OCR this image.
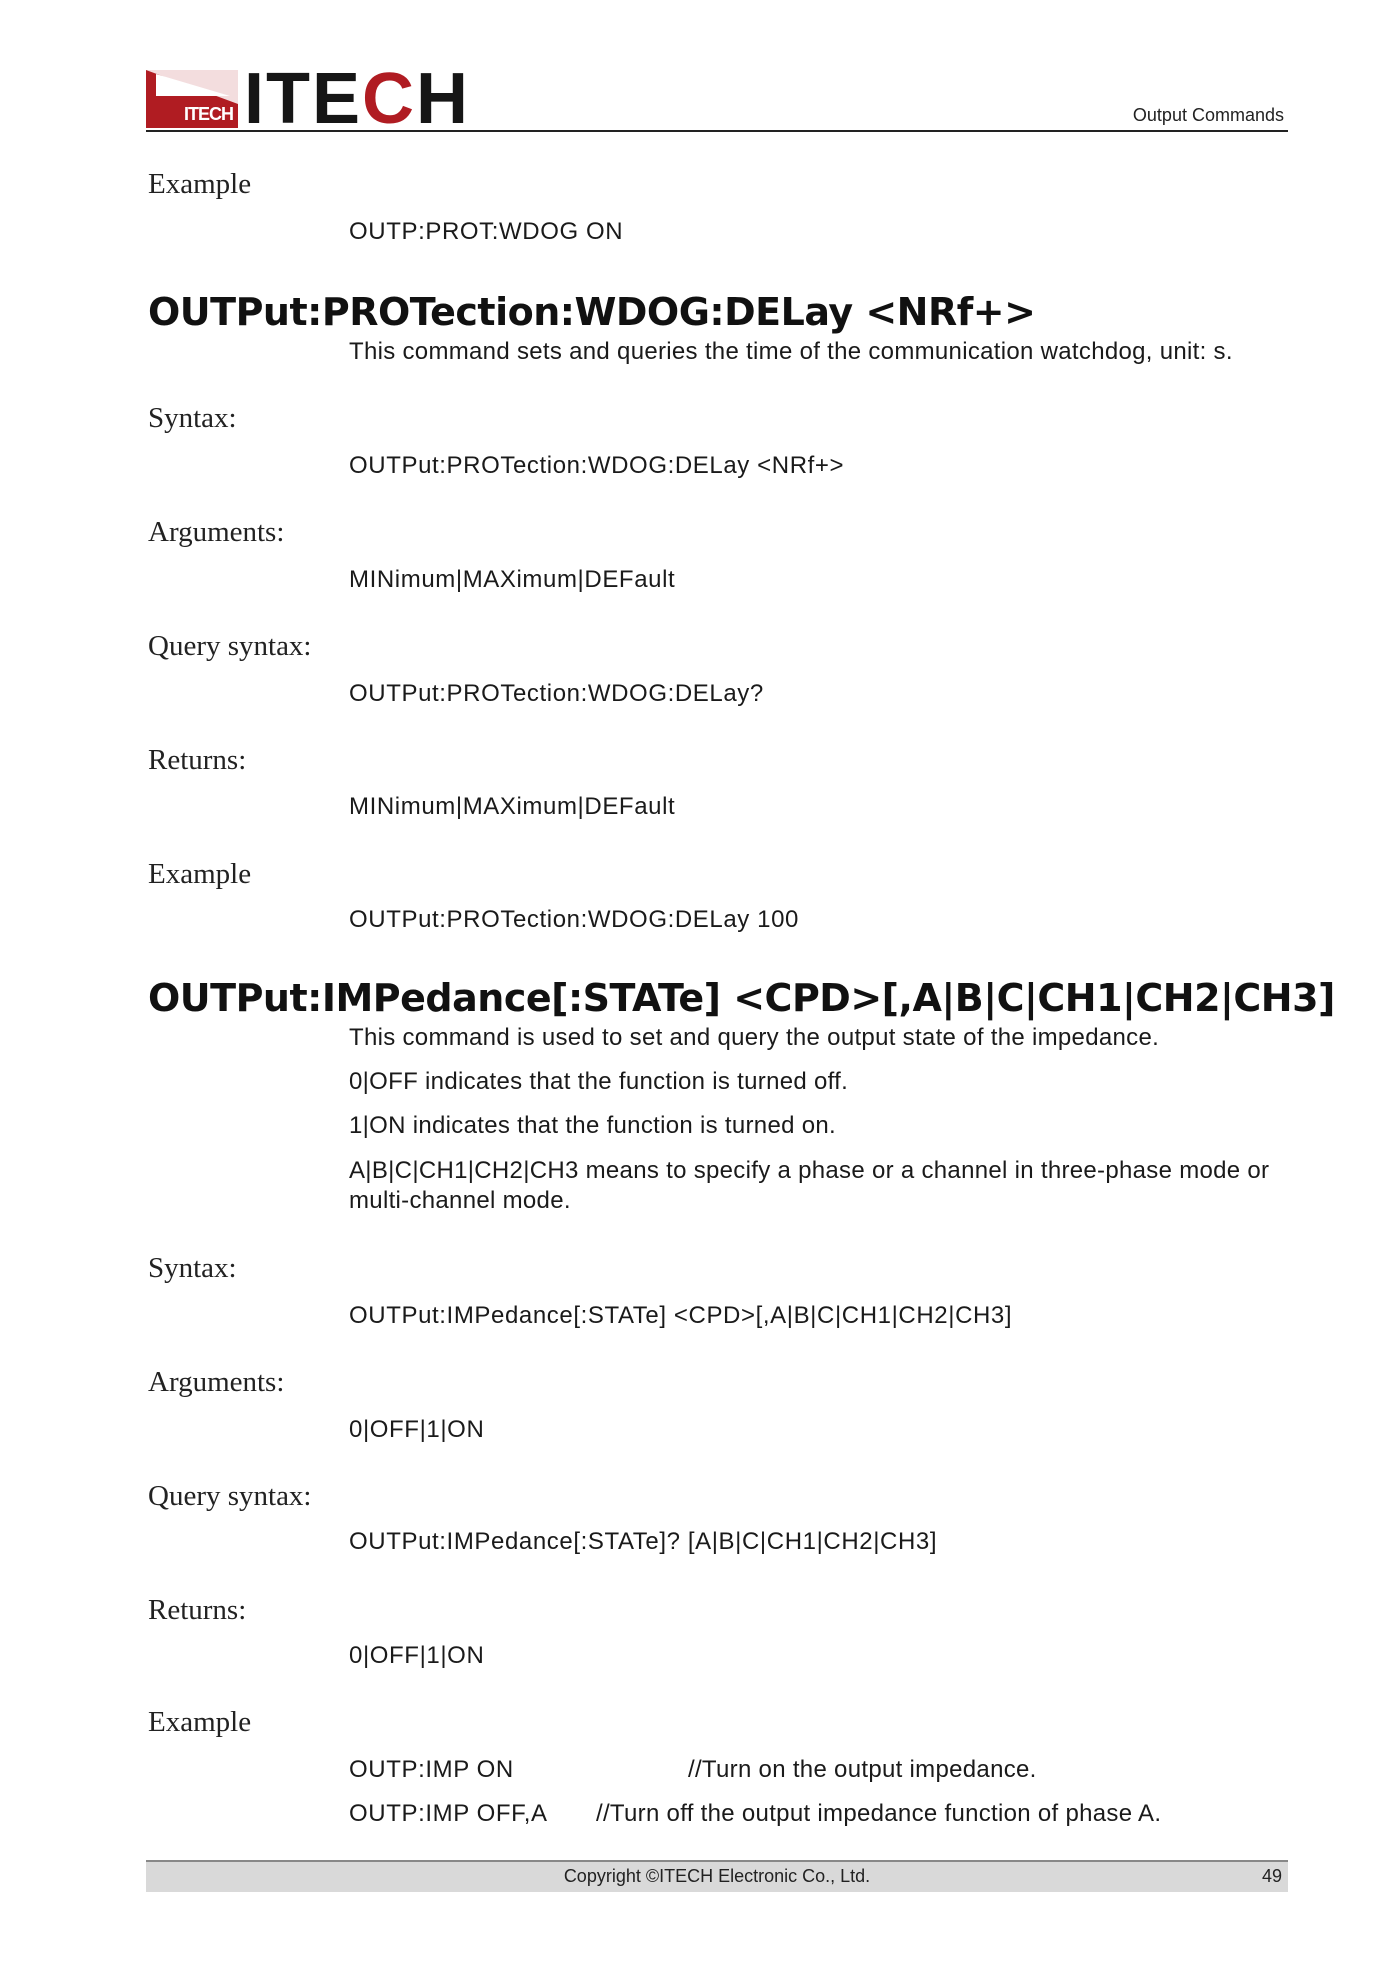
ITECH ITECH	Output Commands
Example
OUTP:PROT:WDOG ON
OUTPut:PROTection:WDOG:DELay <NRf+>
This command sets and queries the time of the communication watchdog, unit: s.
Syntax:
OUTPut:PROTection:WDOG:DELay <NRf+>
Arguments:
MINimum|MAXimum|DEFault
Query syntax:
OUTPut:PROTection:WDOG:DELay?
Returns:
MINimum|MAXimum|DEFault
Example
OUTPut:PROTection:WDOG:DELay 100
OUTPut:IMPedance[:STATe] <CPD>[,A|B|C|CH1|CH2|CH3]
This command is used to set and query the output state of the impedance.
0|OFF indicates that the function is turned off.
1|ON indicates that the function is turned on.
A|B|C|CH1|CH2|CH3 means to specify a phase or a channel in three-phase mode or multi-channel mode.
Syntax:
OUTPut:IMPedance[:STATe] <CPD>[,A|B|C|CH1|CH2|CH3]
Arguments:
0|OFF|1|ON
Query syntax:
OUTPut:IMPedance[:STATe]? [A|B|C|CH1|CH2|CH3]
Returns:
0|OFF|1|ON
Example
OUTP:IMP ON	//Turn on the output impedance.
OUTP:IMP OFF,A //Turn off the output impedance function of phase A.
Copyright ©ITECH Electronic Co., Ltd.	49
